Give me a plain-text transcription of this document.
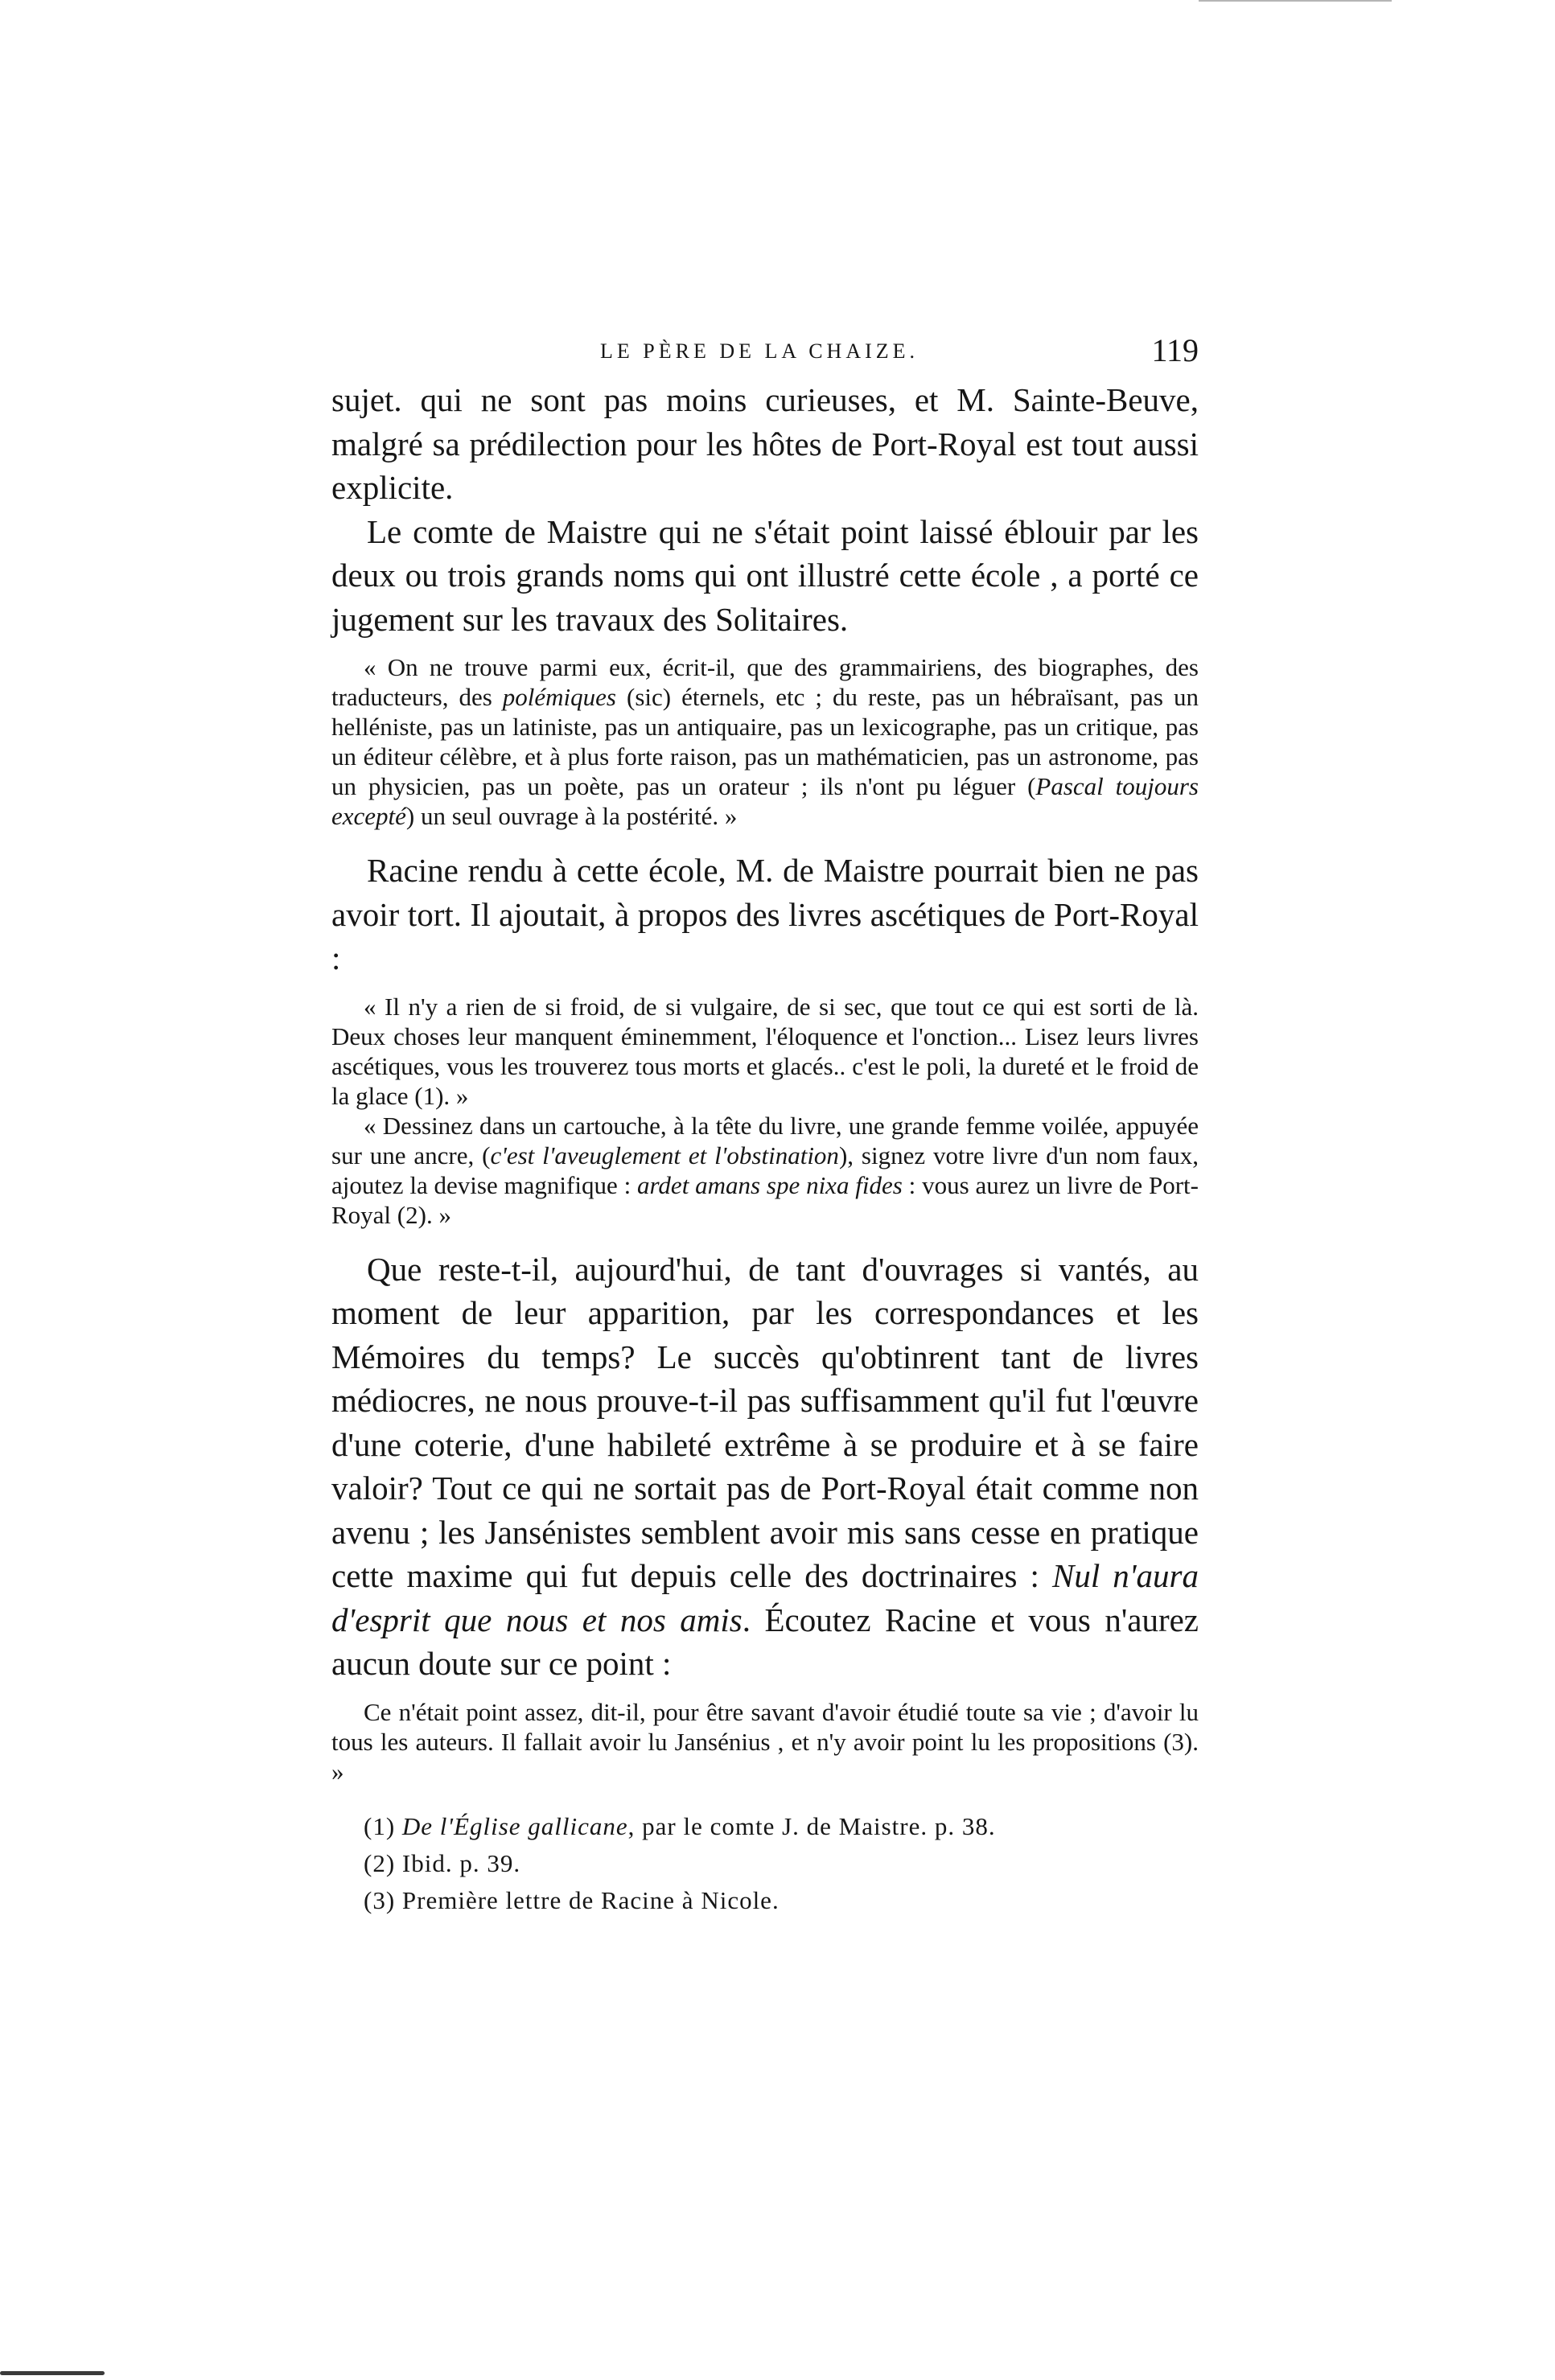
LE PÈRE DE LA CHAIZE.	119

sujet. qui ne sont pas moins curieuses, et M. Sainte-Beuve, malgré sa prédilection pour les hôtes de Port-Royal est tout aussi explicite.

Le comte de Maistre qui ne s'était point laissé éblouir par les deux ou trois grands noms qui ont illustré cette école , a porté ce jugement sur les travaux des Solitaires.

« On ne trouve parmi eux, écrit-il, que des grammairiens, des biographes, des traducteurs, des polémiques (sic) éternels, etc ; du reste, pas un hébraïsant, pas un helléniste, pas un latiniste, pas un antiquaire, pas un lexicographe, pas un critique, pas un éditeur célèbre, et à plus forte raison, pas un mathématicien, pas un astronome, pas un physicien, pas un poète, pas un orateur ; ils n'ont pu léguer (Pascal toujours excepté) un seul ouvrage à la postérité. »

Racine rendu à cette école, M. de Maistre pourrait bien ne pas avoir tort. Il ajoutait, à propos des livres ascétiques de Port-Royal :

« Il n'y a rien de si froid, de si vulgaire, de si sec, que tout ce qui est sorti de là. Deux choses leur manquent éminemment, l'éloquence et l'onction... Lisez leurs livres ascétiques, vous les trouverez tous morts et glacés.. c'est le poli, la dureté et le froid de la glace (1). »

« Dessinez dans un cartouche, à la tête du livre, une grande femme voilée, appuyée sur une ancre, (c'est l'aveuglement et l'obstination), signez votre livre d'un nom faux, ajoutez la devise magnifique : ardet amans spe nixa fides : vous aurez un livre de Port-Royal (2). »

Que reste-t-il, aujourd'hui, de tant d'ouvrages si vantés, au moment de leur apparition, par les correspondances et les Mémoires du temps? Le succès qu'obtinrent tant de livres médiocres, ne nous prouve-t-il pas suffisamment qu'il fut l'œuvre d'une coterie, d'une habileté extrême à se produire et à se faire valoir? Tout ce qui ne sortait pas de Port-Royal était comme non avenu ; les Jansénistes semblent avoir mis sans cesse en pratique cette maxime qui fut depuis celle des doctrinaires : Nul n'aura d'esprit que nous et nos amis. Écoutez Racine et vous n'aurez aucun doute sur ce point :

Ce n'était point assez, dit-il, pour être savant d'avoir étudié toute sa vie ; d'avoir lu tous les auteurs. Il fallait avoir lu Jansénius , et n'y avoir point lu les propositions (3). »

(1) De l'Église gallicane, par le comte J. de Maistre. p. 38.

(2) Ibid. p. 39.

(3) Première lettre de Racine à Nicole.
